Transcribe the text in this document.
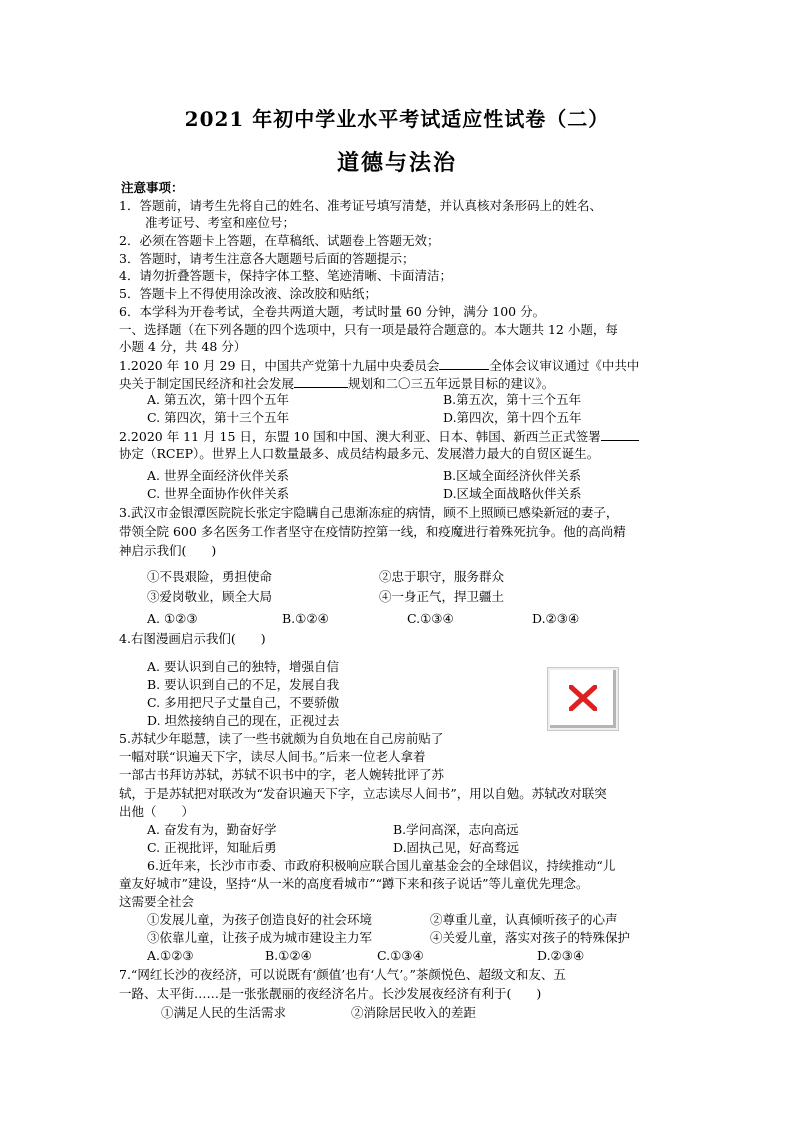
2021 年初中学业水平考试适应性试卷（二）
道德与法治
注意事项：
1．答题前，请考生先将自己的姓名、准考证号填写清楚，并认真核对条形码上的姓名、
准考证号、考室和座位号；
2．必须在答题卡上答题，在草稿纸、试题卷上答题无效；
3．答题时，请考生注意各大题题号后面的答题提示；
4．请勿折叠答题卡，保持字体工整、笔迹清晰、卡面清洁；
5．答题卡上不得使用涂改液、涂改胶和贴纸；
6．本学科为开卷考试，全卷共两道大题，考试时量 60 分钟，满分 100 分。
一、选择题（在下列各题的四个选项中，只有一项是最符合题意的。本大题共 12 小题，每
小题 4 分，共 48 分）
1.2020 年 10 月 29 日，中国共产党第十九届中央委员会	全体会议审议通过《中共中
央关于制定国民经济和社会发展	规划和二〇三五年远景目标的建议》。
A. 第五次，第十四个五年	B.第五次，第十三个五年
C. 第四次，第十三个五年	D.第四次，第十四个五年
2.2020 年 11 月 15 日，东盟 10 国和中国、澳大利亚、日本、韩国、新西兰正式签署
协定（RCEP）。世界上人口数量最多、成员结构最多元、发展潜力最大的自贸区诞生。
A. 世界全面经济伙伴关系	B.区域全面经济伙伴关系
C. 世界全面协作伙伴关系	D.区域全面战略伙伴关系
3.武汉市金银潭医院院长张定宇隐瞒自己患渐冻症的病情，顾不上照顾已感染新冠的妻子，
带领全院 600 多名医务工作者坚守在疫情防控第一线，和疫魔进行着殊死抗争。他的高尚精
神启示我们(　　)
①不畏艰险，勇担使命	②忠于职守，服务群众
③爱岗敬业，顾全大局	④一身正气，捍卫疆土
A. ①②③	B.①②④	C.①③④	D.②③④
4.右图漫画启示我们(　　)
A. 要认识到自己的独特，增强自信
B. 要认识到自己的不足，发展自我
C. 多用把尺子丈量自己，不要骄傲
D. 坦然接纳自己的现在，正视过去
5.苏轼少年聪慧，读了一些书就颇为自负地在自己房前贴了
一幅对联“识遍天下字，读尽人间书。”后来一位老人拿着
一部古书拜访苏轼，苏轼不识书中的字，老人婉转批评了苏
轼，于是苏轼把对联改为“发奋识遍天下字，立志读尽人间书”，用以自勉。苏轼改对联突
出他（　　）
A. 奋发有为，勤奋好学	B.学问高深，志向高远
C. 正视批评，知耻后勇	D.固执己见，好高骛远
6.近年来，长沙市市委、市政府积极响应联合国儿童基金会的全球倡议，持续推动“儿
童友好城市”建设，坚持“从一米的高度看城市”“蹲下来和孩子说话”等儿童优先理念。
这需要全社会
①发展儿童，为孩子创造良好的社会环境	②尊重儿童，认真倾听孩子的心声
③依靠儿童，让孩子成为城市建设主力军	④关爱儿童，落实对孩子的特殊保护
A.①②③	B.①②④	C.①③④	D.②③④
7.“网红长沙的夜经济，可以说既有‘颜值’也有‘人气’。”茶颜悦色、超级文和友、五
一路、太平街……是一张张靓丽的夜经济名片。长沙发展夜经济有利于(　　)
①满足人民的生活需求	②消除居民收入的差距
